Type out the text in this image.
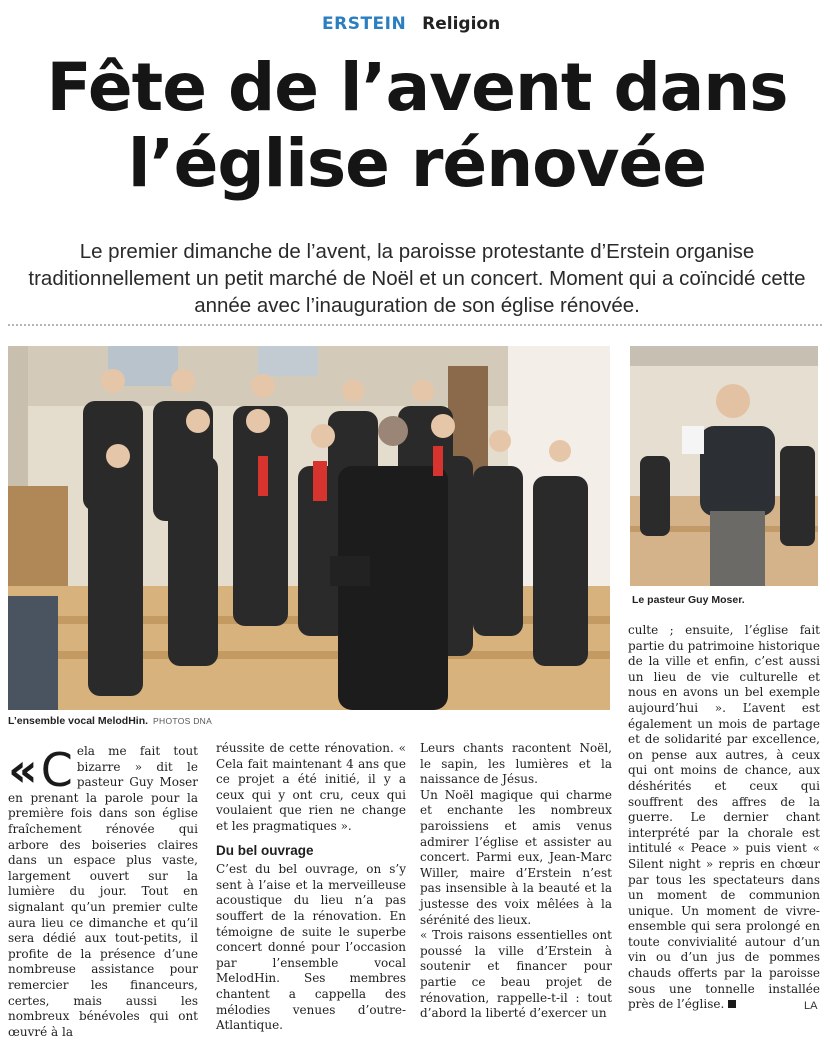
ERSTEIN Religion
Fête de l’avent dans
l’église rénovée
Le premier dimanche de l’avent, la paroisse protestante d’Erstein organise traditionnellement un petit marché de Noël et un concert. Moment qui a coïncidé cette année avec l’inauguration de son église rénovée.
Le pasteur Guy Moser.
L’ensemble vocal MelodHin. PHOTOS DNA
« C ela me fait tout bizarre » dit le pasteur Guy Moser en prenant la parole pour la première fois dans son église fraîchement rénovée qui arbore des boiseries claires dans un espace plus vaste, largement ouvert sur la lumière du jour. Tout en signalant qu’un premier culte aura lieu ce dimanche et qu’il sera dédié aux tout-petits, il profite de la présence d’une nombreuse assistance pour remercier les financeurs, certes, mais aussi les nombreux bénévoles qui ont œuvré à la

réussite de cette rénovation. « Cela fait maintenant 4 ans que ce projet a été initié, il y a ceux qui y ont cru, ceux qui voulaient que rien ne change et les pragmatiques ».

Du bel ouvrage

C’est du bel ouvrage, on s’y sent à l’aise et la merveilleuse acoustique du lieu n’a pas souffert de la rénovation. En témoigne de suite le superbe concert donné pour l’occasion par l’ensemble vocal MelodHin. Ses membres chantent a cappella des mélodies venues d’outre-Atlantique.

Leurs chants racontent Noël, le sapin, les lumières et la naissance de Jésus.

Un Noël magique qui charme et enchante les nombreux paroissiens et amis venus admirer l’église et assister au concert. Parmi eux, Jean-Marc Willer, maire d’Erstein n’est pas insensible à la beauté et la justesse des voix mêlées à la sérénité des lieux.

« Trois raisons essentielles ont poussé la ville d’Erstein à soutenir et financer pour partie ce beau projet de rénovation, rappelle-t-il : tout d’abord la liberté d’exercer un

culte ; ensuite, l’église fait partie du patrimoine historique de la ville et enfin, c’est aussi un lieu de vie culturelle et nous en avons un bel exemple aujourd’hui ». L’avent est également un mois de partage et de solidarité par excellence, on pense aux autres, à ceux qui ont moins de chance, aux déshérités et ceux qui souffrent des affres de la guerre. Le dernier chant interprété par la chorale est intitulé « Peace » puis vient « Silent night » repris en chœur par tous les spectateurs dans un moment de communion unique. Un moment de vivre-ensemble qui sera prolongé en toute convivialité autour d’un vin ou d’un jus de pommes chauds offerts par la paroisse sous une tonnelle installée près de l’église.	LA
